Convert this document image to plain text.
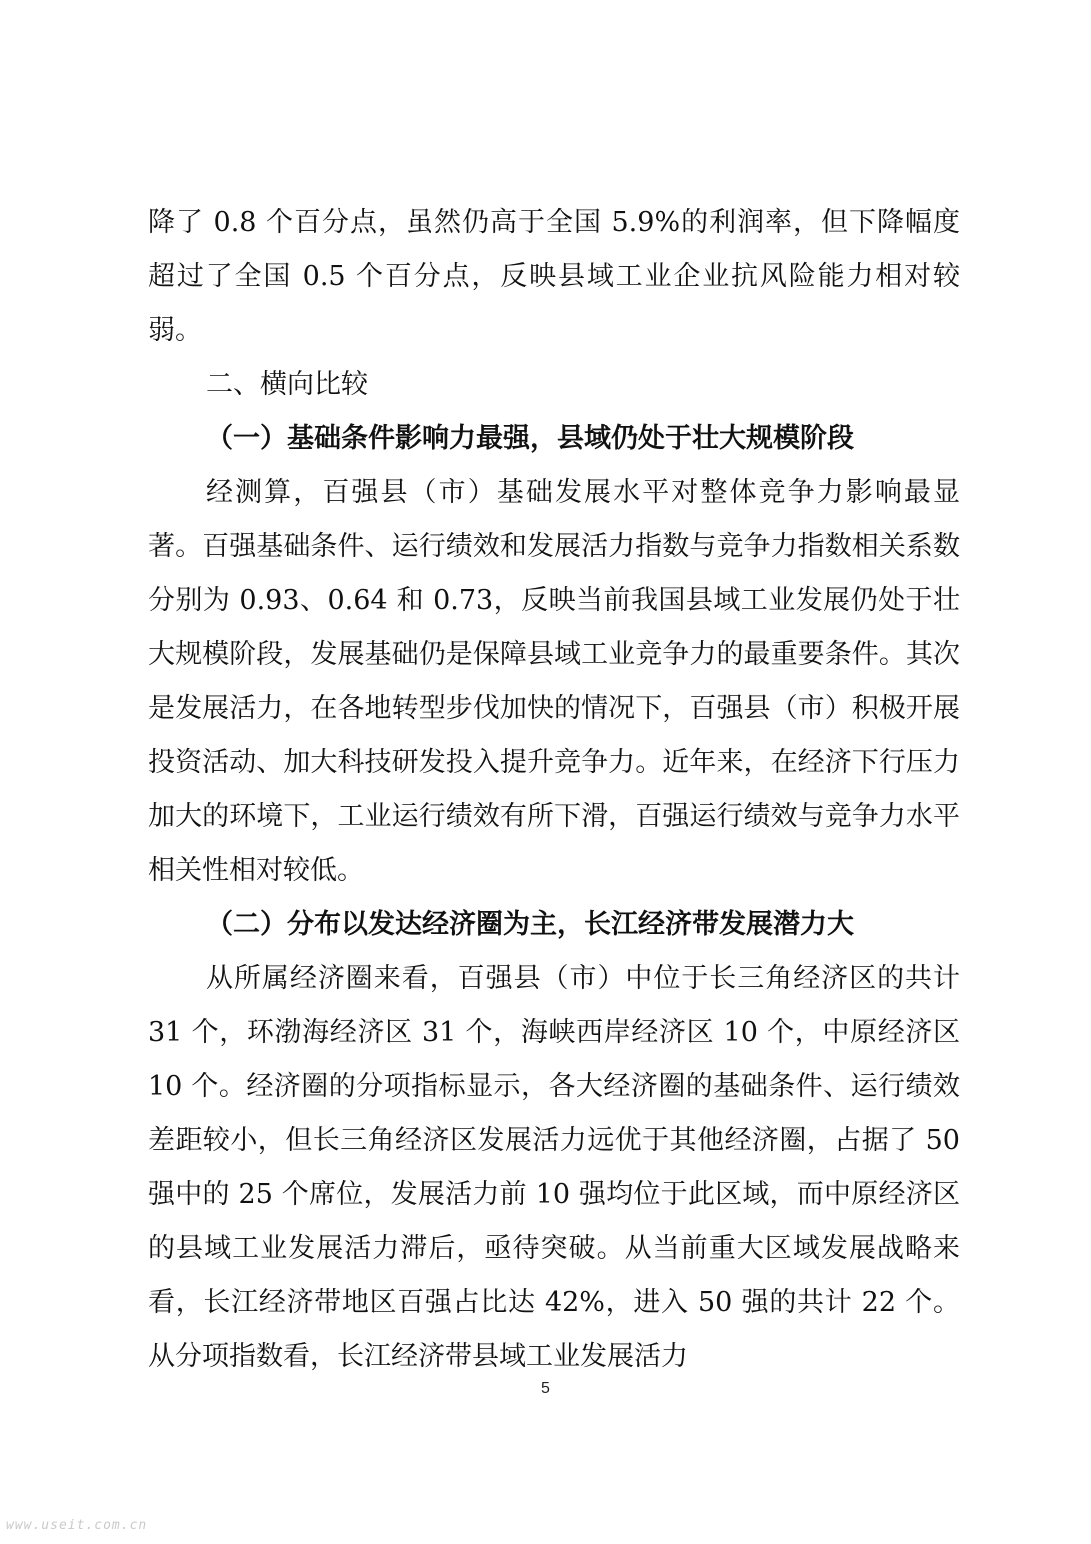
降了 0.8 个百分点，虽然仍高于全国 5.9%的利润率，但下降幅度超过了全国 0.5 个百分点，反映县域工业企业抗风险能力相对较弱。

二、横向比较

（一）基础条件影响力最强，县域仍处于壮大规模阶段

经测算，百强县（市）基础发展水平对整体竞争力影响最显著。百强基础条件、运行绩效和发展活力指数与竞争力指数相关系数分别为 0.93、0.64 和 0.73，反映当前我国县域工业发展仍处于壮大规模阶段，发展基础仍是保障县域工业竞争力的最重要条件。其次是发展活力，在各地转型步伐加快的情况下，百强县（市）积极开展投资活动、加大科技研发投入提升竞争力。近年来，在经济下行压力加大的环境下，工业运行绩效有所下滑，百强运行绩效与竞争力水平相关性相对较低。

（二）分布以发达经济圈为主，长江经济带发展潜力大

从所属经济圈来看，百强县（市）中位于长三角经济区的共计 31 个，环渤海经济区 31 个，海峡西岸经济区 10 个，中原经济区 10 个。经济圈的分项指标显示，各大经济圈的基础条件、运行绩效差距较小，但长三角经济区发展活力远优于其他经济圈，占据了 50 强中的 25 个席位，发展活力前 10 强均位于此区域，而中原经济区的县域工业发展活力滞后，亟待突破。从当前重大区域发展战略来看，长江经济带地区百强占比达 42%，进入 50 强的共计 22 个。从分项指数看，长江经济带县域工业发展活力

5
www.useit.com.cn
